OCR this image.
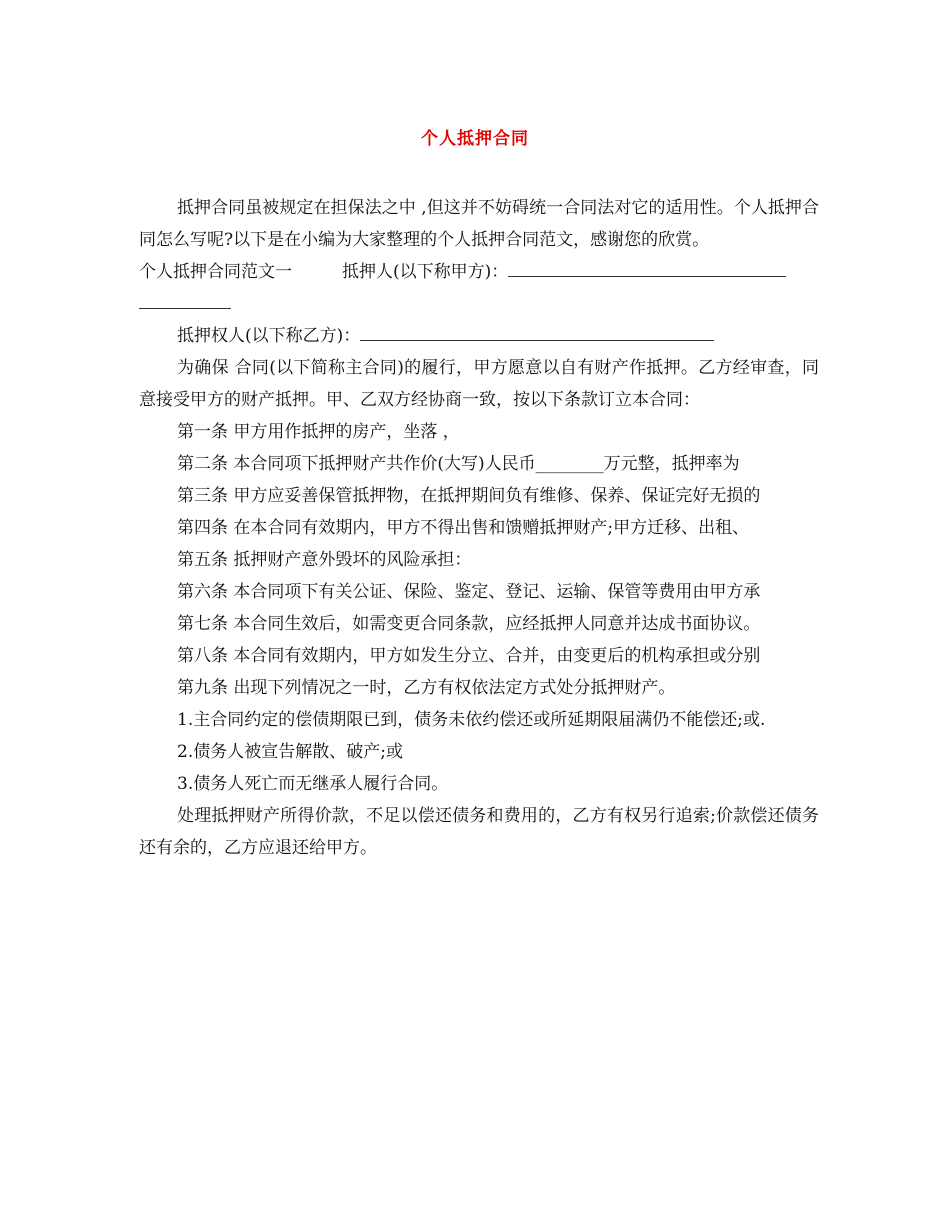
个人抵押合同

抵押合同虽被规定在担保法之中 ,但这并不妨碍统一合同法对它的适用性。个人抵押合同怎么写呢?以下是在小编为大家整理的个人抵押合同范文，感谢您的欣赏。

个人抵押合同范文一	抵押人(以下称甲方)：
抵押权人(以下称乙方)：

为确保 合同(以下简称主合同)的履行，甲方愿意以自有财产作抵押。乙方经审查，同意接受甲方的财产抵押。甲、乙双方经协商一致，按以下条款订立本合同：

第一条 甲方用作抵押的房产，坐落 ，

第二条 本合同项下抵押财产共作价(大写)人民币________万元整，抵押率为

第三条 甲方应妥善保管抵押物，在抵押期间负有维修、保养、保证完好无损的

第四条 在本合同有效期内，甲方不得出售和馈赠抵押财产;甲方迁移、出租、

第五条 抵押财产意外毁坏的风险承担：

第六条 本合同项下有关公证、保险、鉴定、登记、运输、保管等费用由甲方承

第七条 本合同生效后，如需变更合同条款，应经抵押人同意并达成书面协议。

第八条 本合同有效期内，甲方如发生分立、合并，由变更后的机构承担或分别

第九条 出现下列情况之一时，乙方有权依法定方式处分抵押财产。

1.主合同约定的偿债期限已到，债务未依约偿还或所延期限届满仍不能偿还;或.

2.债务人被宣告解散、破产;或

3.债务人死亡而无继承人履行合同。

处理抵押财产所得价款，不足以偿还债务和费用的，乙方有权另行追索;价款偿还债务还有余的，乙方应退还给甲方。
